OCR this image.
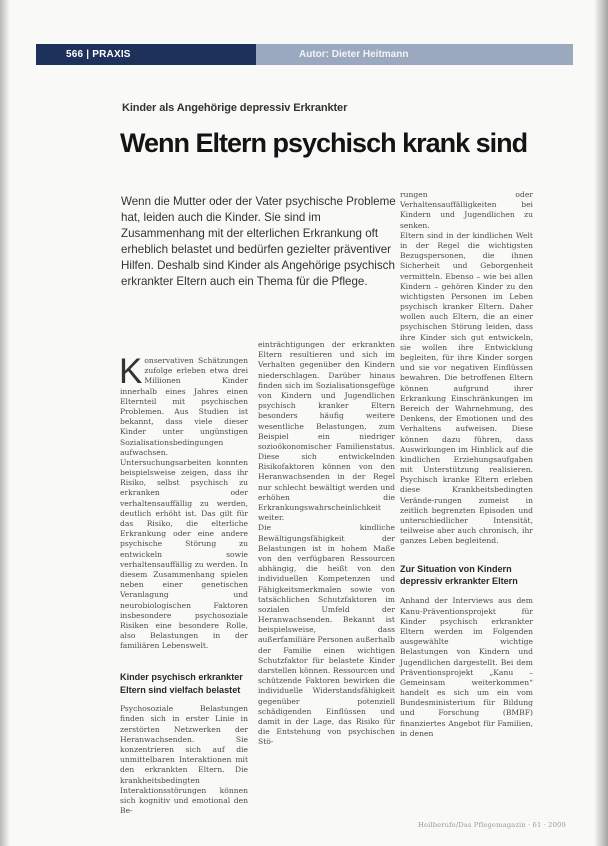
566 | PRAXIS	Autor: Dieter Heitmann
Kinder als Angehörige depressiv Erkrankter
Wenn Eltern psychisch krank sind

Wenn die Mutter oder der Vater psychische Probleme hat, leiden auch die Kinder. Sie sind im Zusammenhang mit der elterlichen Erkrankung oft erheblich belastet und bedürfen gezielter präventiver Hilfen. Deshalb sind Kinder als Angehörige psychisch erkrankter Eltern auch ein Thema für die Pflege.

Konservativen Schätzungen zufolge erleben etwa drei Millionen Kinder innerhalb eines Jahres einen Elternteil mit psychischen Problemen. Aus Studien ist bekannt, dass viele dieser Kinder unter ungünstigen Sozialisationsbedingungen aufwachsen. Untersuchungsarbeiten konnten beispielsweise zeigen, dass ihr Risiko, selbst psychisch zu erkranken oder verhaltensauffällig zu werden, deutlich erhöht ist. Das gilt für das Risiko, die elterliche Erkrankung oder eine andere psychische Störung zu entwickeln sowie verhaltensauffällig zu werden. In diesem Zusammenhang spielen neben einer genetischen Veranlagung und neurobiologischen Faktoren insbesondere psychosoziale Risiken eine besondere Rolle, also Belastungen in der familiären Lebenswelt.

Kinder psychisch erkrankter Eltern sind vielfach belastet

Psychosoziale Belastungen finden sich in erster Linie in zerstörten Netzwerken der Heranwachsenden. Sie konzentrieren sich auf die unmittelbaren Interaktionen mit den erkrankten Eltern. Die krankheitsbedingten Interaktionsstörungen können sich kognitiv und emotional den Be-

einträchtigungen der erkrankten Eltern resultieren und sich im Verhalten gegenüber den Kindern niederschlagen. Darüber hinaus finden sich im Sozialisationsgefüge von Kindern und Jugendlichen psychisch kranker Eltern besonders häufig weitere wesentliche Belastungen, zum Beispiel ein niedriger sozioökonomischer Familienstatus. Diese sich entwickelnden Risikofaktoren können von den Heranwachsenden in der Regel nur schlecht bewältigt werden und erhöhen die Erkrankungswahrscheinlichkeit weiter.

Die kindliche Bewältigungsfähigkeit der Belastungen ist in hohem Maße von den verfügbaren Ressourcen abhängig, die heißt von den individuellen Kompetenzen und Fähigkeitsmerkmalen sowie von tatsächlichen Schutzfaktoren im sozialen Umfeld der Heranwachsenden. Bekannt ist beispielsweise, dass außerfamiliäre Personen außerhalb der Familie einen wichtigen Schutzfaktor für belastete Kinder darstellen können. Ressourcen und schützende Faktoren bewirken die individuelle Widerstandsfähigkeit gegenüber potenziell schädigenden Einflüssen und damit in der Lage, das Risiko für die Entstehung von psychischen Stö-

rungen oder Verhaltensauffälligkeiten bei Kindern und Jugendlichen zu senken.

Eltern sind in der kindlichen Welt in der Regel die wichtigsten Bezugspersonen, die ihnen Sicherheit und Geborgenheit vermitteln. Ebenso – wie bei allen Kindern – gehören Kinder zu den wichtigsten Personen im Leben psychisch kranker Eltern. Daher wollen auch Eltern, die an einer psychischen Störung leiden, dass ihre Kinder sich gut entwickeln, sie wollen ihre Entwicklung begleiten, für ihre Kinder sorgen und sie vor negativen Einflüssen bewahren. Die betroffenen Eltern können aufgrund ihrer Erkrankung Einschränkungen im Bereich der Wahrnehmung, des Denkens, der Emotionen und des Verhaltens aufweisen. Diese können dazu führen, dass Auswirkungen im Hinblick auf die kindlichen Erziehungsaufgaben mit Unterstützung realisieren. Psychisch kranke Eltern erleben diese Krankheitsbedingten Verände-rungen zumeist in zeitlich begrenzten Episoden und unterschiedlicher Intensität, teilweise aber auch chronisch, ihr ganzes Leben begleitend.

Zur Situation von Kindern depressiv erkrankter Eltern

Anhand der Interviews aus dem Kanu-Präventionsprojekt für Kinder psychisch erkrankter Eltern werden im Folgenden ausgewählte wichtige Belastungen von Kindern und Jugendlichen dargestellt. Bei dem Präventionsprojekt „Kanu – Gemeinsam weiterkommen“ handelt es sich um ein vom Bundesministerium für Bildung und Forschung (BMBF) finanziertes Angebot für Familien, in denen

Heilberufe/Das Pflegemagazin · 61 · 2009
